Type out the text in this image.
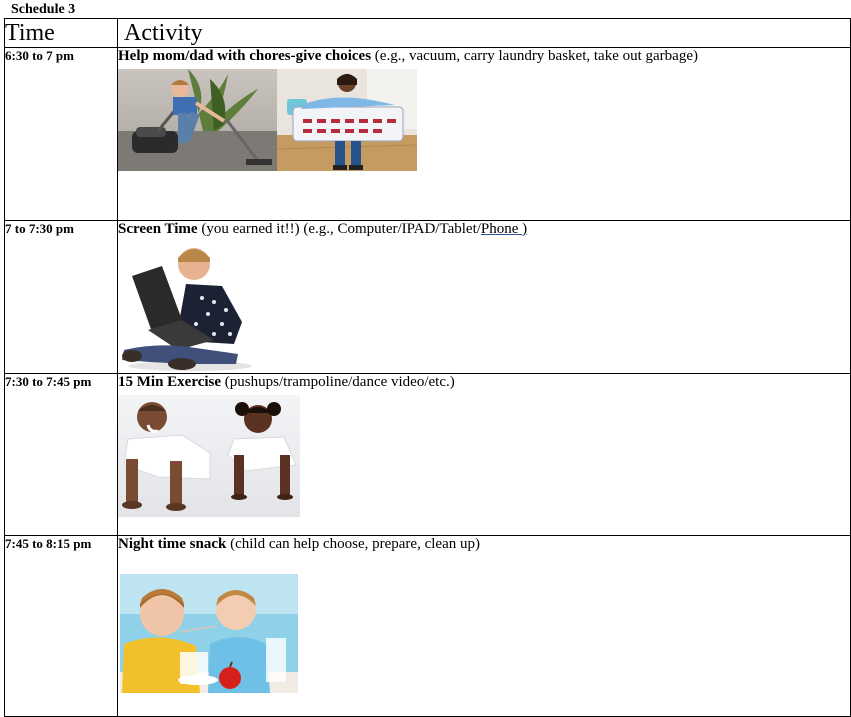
Schedule 3
Time	Activity
6:30 to 7 pm	Help mom/dad with chores-give choices (e.g., vacuum, carry laundry basket, take out garbage)

7 to 7:30 pm	Screen Time (you earned it!!) (e.g., Computer/IPAD/Tablet/Phone )

7:30 to 7:45 pm	15 Min Exercise (pushups/trampoline/dance video/etc.)

7:45 to 8:15 pm	Night time snack (child can help choose, prepare, clean up)
